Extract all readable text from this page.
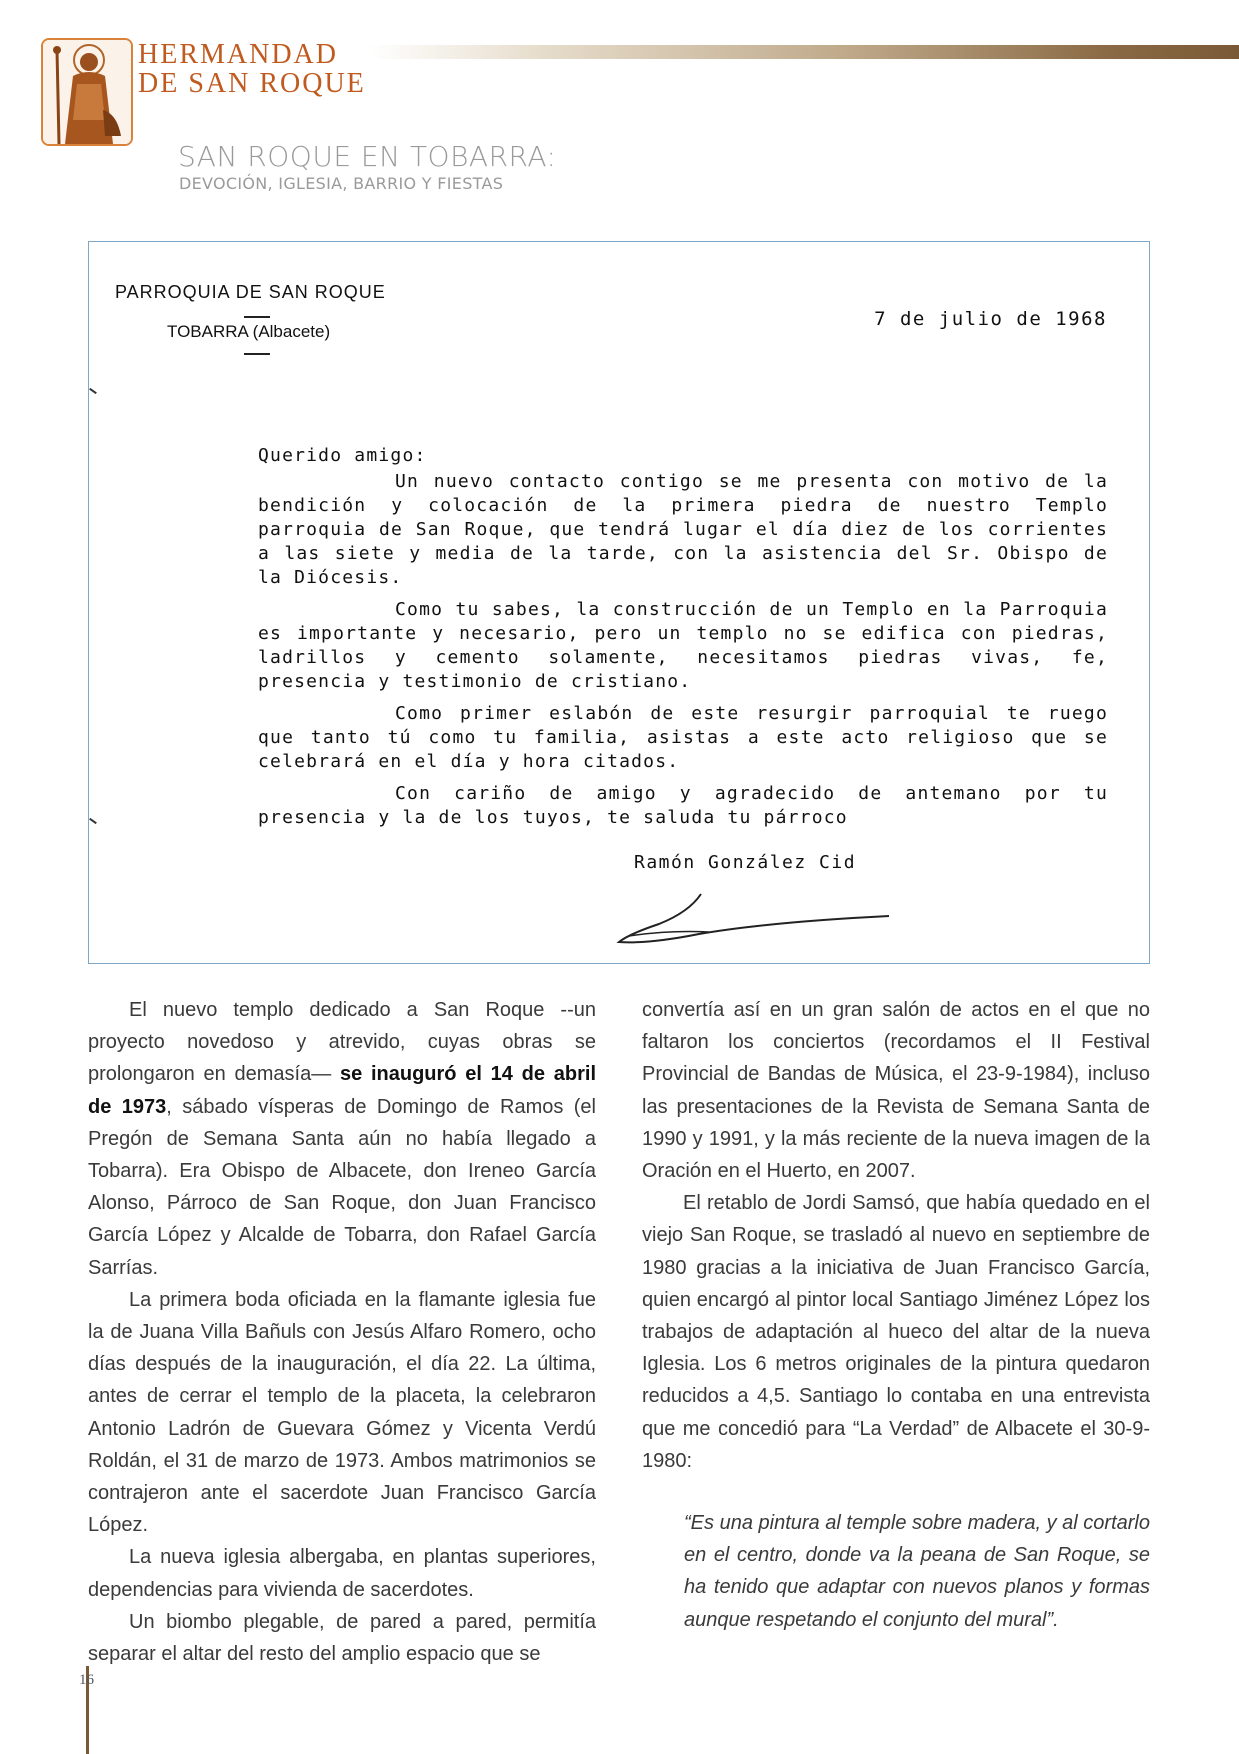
HERMANDAD
DE SAN ROQUE
SAN ROQUE EN TOBARRA:
DEVOCIÓN, IGLESIA, BARRIO Y FIESTAS
PARROQUIA DE SAN ROQUE
TOBARRA (Albacete)
7 de julio de 1968

Querido amigo:

Un nuevo contacto contigo se me presenta con motivo de la bendición y colocación de la primera piedra de nuestro Templo parroquia de San Roque, que tendrá lugar el día diez de los corrientes a las siete y media de la tarde, con la asistencia del Sr. Obispo de la Diócesis.

Como tu sabes, la construcción de un Templo en la Parroquia es importante y necesario, pero un templo no se edifica con piedras, ladrillos y cemento solamente, necesitamos piedras vivas, fe, presencia y testimonio de cristiano.

Como primer eslabón de este resurgir parroquial te ruego que tanto tú como tu familia, asistas a este acto religioso que se celebrará en el día y hora citados.

Con cariño de amigo y agradecido de antemano por tu presencia y la de los tuyos, te saluda tu párroco

Ramón González Cid

El nuevo templo dedicado a San Roque --un proyecto novedoso y atrevido, cuyas obras se prolongaron en demasía— se inauguró el 14 de abril de 1973, sábado vísperas de Domingo de Ramos (el Pregón de Semana Santa aún no había llegado a Tobarra). Era Obispo de Albacete, don Ireneo García Alonso, Párroco de San Roque, don Juan Francisco García López y Alcalde de Tobarra, don Rafael García Sarrías.

La primera boda oficiada en la flamante iglesia fue la de Juana Villa Bañuls con Jesús Alfaro Romero, ocho días después de la inauguración, el día 22. La última, antes de cerrar el templo de la placeta, la celebraron Antonio Ladrón de Guevara Gómez y Vicenta Verdú Roldán, el 31 de marzo de 1973. Ambos matrimonios se contrajeron ante el sacerdote Juan Francisco García López.

La nueva iglesia albergaba, en plantas superiores, dependencias para vivienda de sacerdotes.

Un biombo plegable, de pared a pared, permitía separar el altar del resto del amplio espacio que se

convertía así en un gran salón de actos en el que no faltaron los conciertos (recordamos el II Festival Provincial de Bandas de Música, el 23-9-1984), incluso las presentaciones de la Revista de Semana Santa de 1990 y 1991, y la más reciente de la nueva imagen de la Oración en el Huerto, en 2007.

El retablo de Jordi Samsó, que había quedado en el viejo San Roque, se trasladó al nuevo en septiembre de 1980 gracias a la iniciativa de Juan Francisco García, quien encargó al pintor local Santiago Jiménez López los trabajos de adaptación al hueco del altar de la nueva Iglesia. Los 6 metros originales de la pintura quedaron reducidos a 4,5. Santiago lo contaba en una entrevista que me concedió para “La Verdad” de Albacete el 30-9-1980:

“Es una pintura al temple sobre madera, y al cortarlo en el centro, donde va la peana de San Roque, se ha tenido que adaptar con nuevos planos y formas aunque respetando el conjunto del mural”.

16
